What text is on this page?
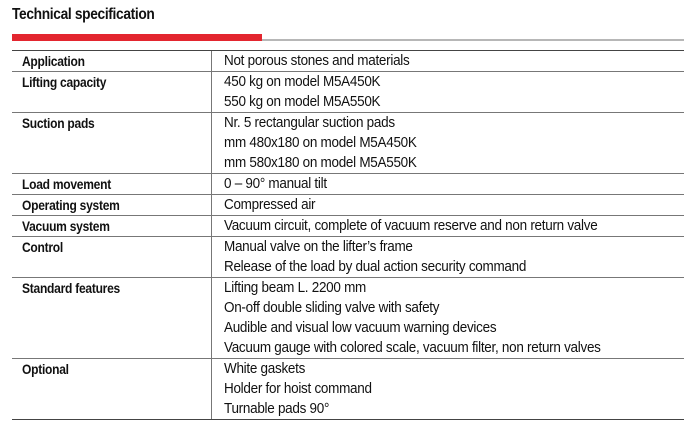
Technical specification
Application	Not porous stones and materials
Lifting capacity	450 kg on model M5A450K
550 kg on model M5A550K
Suction pads	Nr. 5 rectangular suction pads
mm 480x180 on model M5A450K
mm 580x180 on model M5A550K
Load movement	0 – 90° manual tilt
Operating system	Compressed air
Vacuum system	Vacuum circuit, complete of vacuum reserve and non return valve
Control	Manual valve on the lifter’s frame
Release of the load by dual action security command
Standard features	Lifting beam L. 2200 mm
On-off double sliding valve with safety
Audible and visual low vacuum warning devices
Vacuum gauge with colored scale, vacuum filter, non return valves
Optional	White gaskets
Holder for hoist command
Turnable pads 90°
